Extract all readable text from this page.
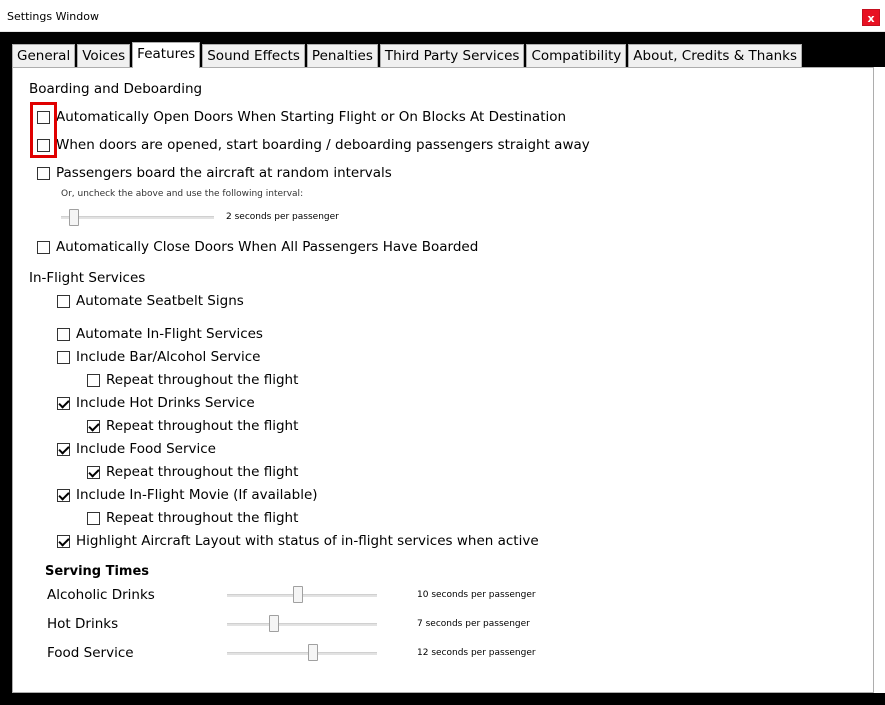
Settings Window	x
General Voices Features Sound Effects Penalties Third Party Services Compatibility About, Credits & Thanks
Boarding and Deboarding
Automatically Open Doors When Starting Flight or On Blocks At Destination
When doors are opened, start boarding / deboarding passengers straight away
Passengers board the aircraft at random intervals
Or, uncheck the above and use the following interval:
2 seconds per passenger
Automatically Close Doors When All Passengers Have Boarded
In-Flight Services
Automate Seatbelt Signs
Automate In-Flight Services
Include Bar/Alcohol Service
Repeat throughout the flight
Include Hot Drinks Service
Repeat throughout the flight
Include Food Service
Repeat throughout the flight
Include In-Flight Movie (If available)
Repeat throughout the flight
Highlight Aircraft Layout with status of in-flight services when active
Serving Times
Alcoholic Drinks	10 seconds per passenger
Hot Drinks	7 seconds per passenger
Food Service	12 seconds per passenger
